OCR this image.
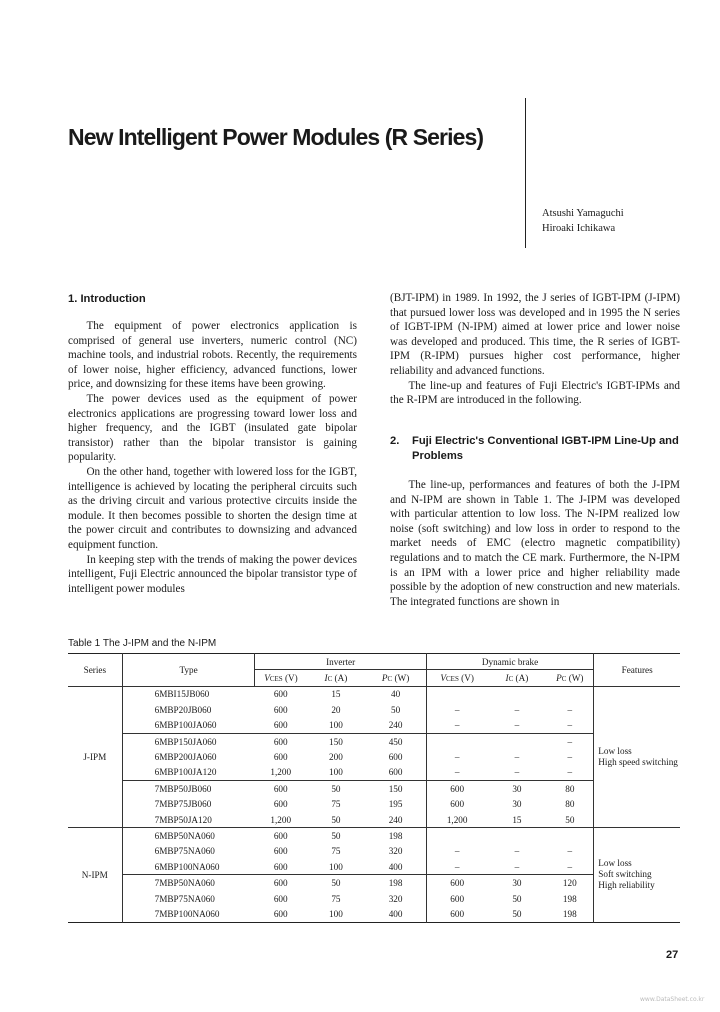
New Intelligent Power Modules (R Series)
Atsushi Yamaguchi
Hiroaki Ichikawa
1. Introduction

The equipment of power electronics application is comprised of general use inverters, numeric control (NC) machine tools, and industrial robots. Recently, the requirements of lower noise, higher efficiency, advanced functions, lower price, and downsizing for these items have been growing.

The power devices used as the equipment of power electronics applications are progressing toward lower loss and higher frequency, and the IGBT (insulated gate bipolar transistor) rather than the bipolar transistor is gaining popularity.

On the other hand, together with lowered loss for the IGBT, intelligence is achieved by locating the peripheral circuits such as the driving circuit and various protective circuits inside the module. It then becomes possible to shorten the design time at the power circuit and contributes to downsizing and advanced equipment function.

In keeping step with the trends of making the power devices intelligent, Fuji Electric announced the bipolar transistor type of intelligent power modules

(BJT-IPM) in 1989. In 1992, the J series of IGBT-IPM (J-IPM) that pursued lower loss was developed and in 1995 the N series of IGBT-IPM (N-IPM) aimed at lower price and lower noise was developed and produced. This time, the R series of IGBT-IPM (R-IPM) pursues higher cost performance, higher reliability and advanced functions.

The line-up and features of Fuji Electric's IGBT-IPMs and the R-IPM are introduced in the following.

2. Fuji Electric's Conventional IGBT-IPM Line-Up and Problems

The line-up, performances and features of both the J-IPM and N-IPM are shown in Table 1. The J-IPM was developed with particular attention to low loss. The N-IPM realized low noise (soft switching) and low loss in order to respond to the market needs of EMC (electro magnetic compatibility) regulations and to match the CE mark. Furthermore, the N-IPM is an IPM with a lower price and higher reliability made possible by the adoption of new construction and new materials. The integrated functions are shown in

Table 1 The J-IPM and the N-IPM
Series	Type	Inverter			Dynamic brake			Features
		VCES (V)	IC (A)	PC (W)	VCES (V)	IC (A)	PC (W)	
J-IPM	6MBI15JB060	600	15	40				Low loss
High speed switching

	6MBP20JB060	600	20	50	–	–	–	
	6MBP100JA060	600	100	240	–	–	–	
	6MBP150JA060	600	150	450			–	
	6MBP200JA060	600	200	600	–	–	–	
	6MBP100JA120	1,200	100	600	–	–	–	
	7MBP50JB060	600	50	150	600	30	80	
	7MBP75JB060	600	75	195	600	30	80	
	7MBP50JA120	1,200	50	240	1,200	15	50	
N-IPM	6MBP50NA060	600	50	198				Low loss
Soft switching
High reliability

	6MBP75NA060	600	75	320	–	–	–	
	6MBP100NA060	600	100	400	–	–	–	
	7MBP50NA060	600	50	198	600	30	120	
	7MBP75NA060	600	75	320	600	50	198	
	7MBP100NA060	600	100	400	600	50	198	
27
www.DataSheet.co.kr
